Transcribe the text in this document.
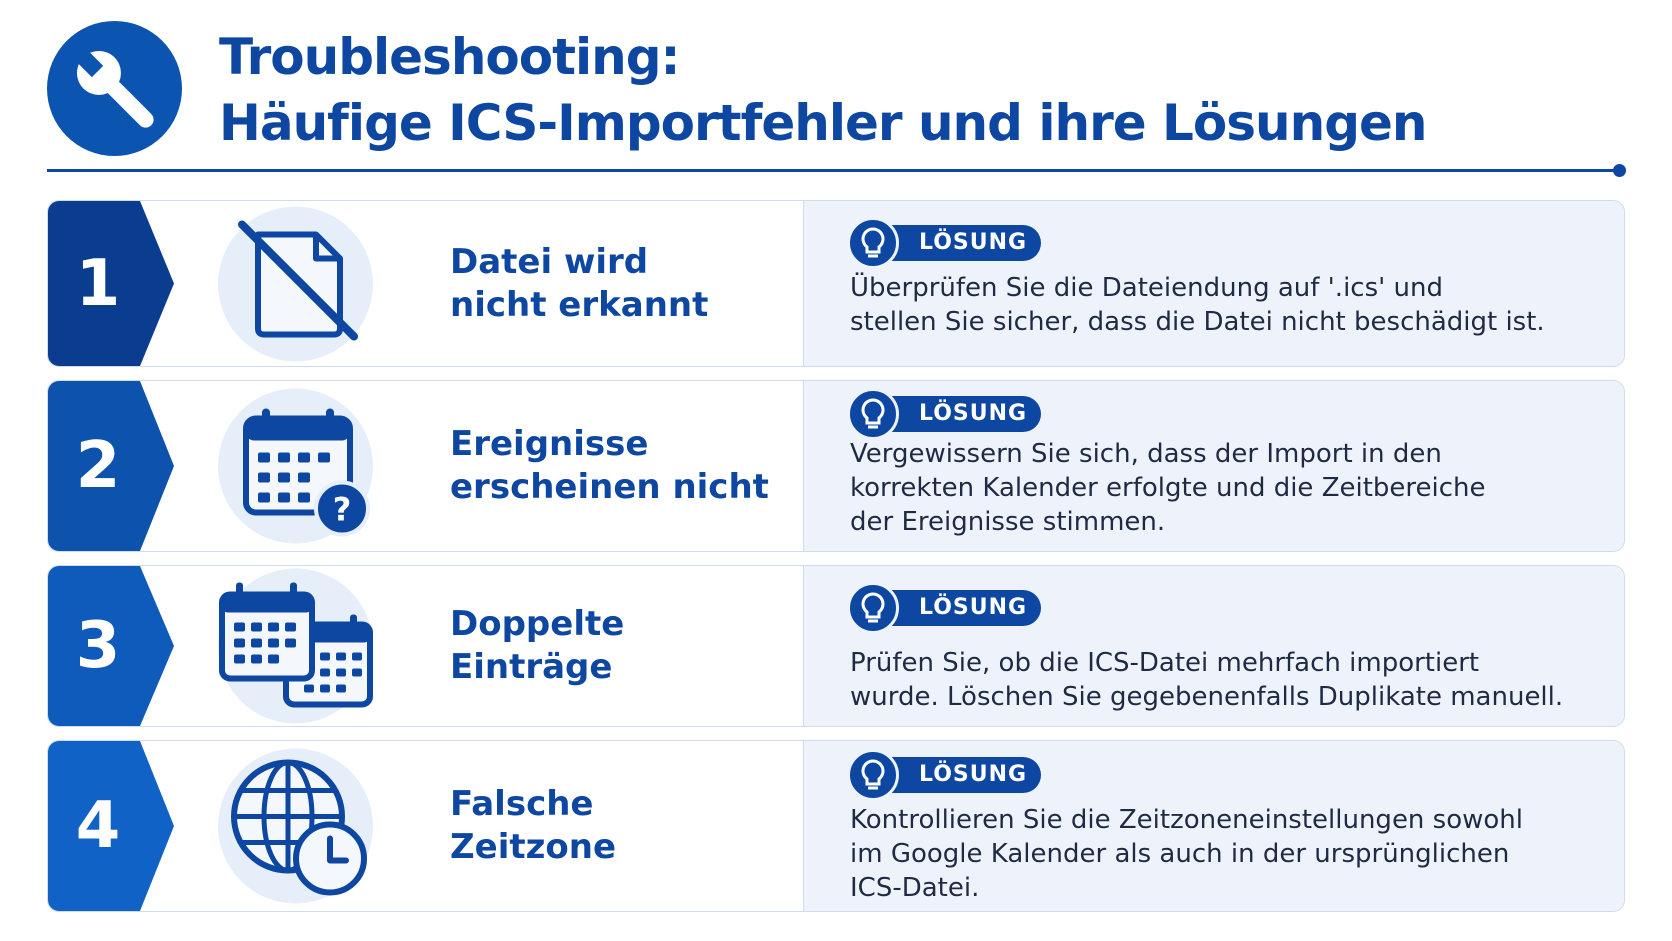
Troubleshooting:
Häufige ICS-Importfehler und ihre Lösungen
1	Datei wird
nicht erkannt
LÖSUNG
Überprüfen Sie die Dateiendung auf '.ics' und
stellen Sie sicher, dass die Datei nicht beschädigt ist.
2
?
Ereignisse
erscheinen nicht
LÖSUNG
Vergewissern Sie sich, dass der Import in den
korrekten Kalender erfolgte und die Zeitbereiche
der Ereignisse stimmen.
3	Doppelte
Einträge
LÖSUNG
Prüfen Sie, ob die ICS-Datei mehrfach importiert
wurde. Löschen Sie gegebenenfalls Duplikate manuell.
4	Falsche
Zeitzone
LÖSUNG
Kontrollieren Sie die Zeitzoneneinstellungen sowohl
im Google Kalender als auch in der ursprünglichen
ICS-Datei.
